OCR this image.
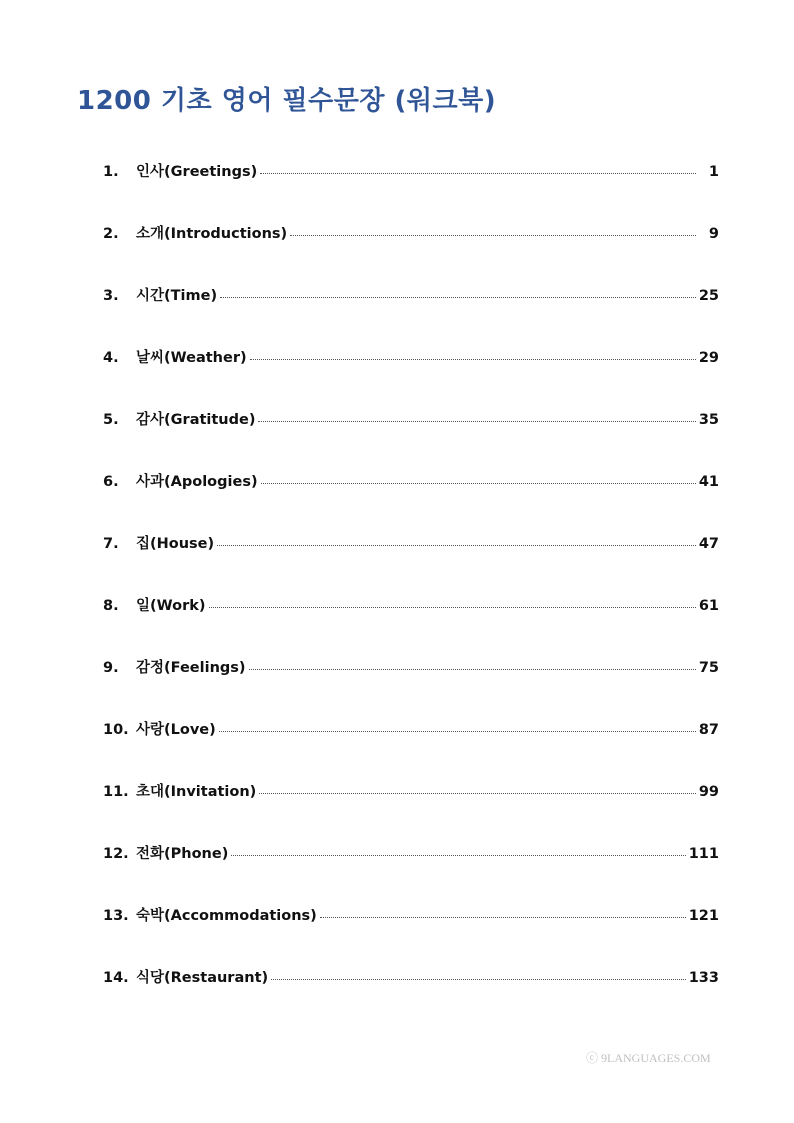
1200 기초 영어 필수문장 (워크북)
1.	인사(Greetings)	1
2.	소개(Introductions)	9
3.	시간(Time)	25
4.	날씨(Weather)	29
5.	감사(Gratitude)	35
6.	사과(Apologies)	41
7.	집(House)	47
8.	일(Work)	61
9.	감정(Feelings)	75
10. 사랑(Love)	87
11. 초대(Invitation)	99
12. 전화(Phone)	111
13. 숙박(Accommodations)	121
14. 식당(Restaurant)	133
ⓒ 9LANGUAGES.COM
